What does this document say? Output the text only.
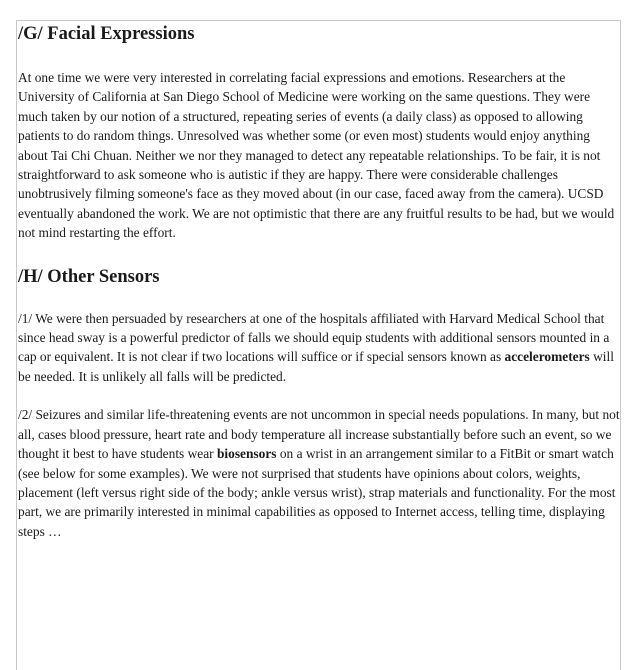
/G/ Facial Expressions

At one time we were very interested in correlating facial expressions and emotions. Researchers at the University of California at San Diego School of Medicine were working on the same questions. They were much taken by our notion of a structured, repeating series of events (a daily class) as opposed to allowing patients to do random things. Unresolved was whether some (or even most) students would enjoy anything about Tai Chi Chuan. Neither we nor they managed to detect any repeatable relationships. To be fair, it is not straightforward to ask someone who is autistic if they are happy. There were considerable challenges unobtrusively filming someone's face as they moved about (in our case, faced away from the camera). UCSD eventually abandoned the work. We are not optimistic that there are any fruitful results to be had, but we would not mind restarting the effort.

/H/ Other Sensors

/1/ We were then persuaded by researchers at one of the hospitals affiliated with Harvard Medical School that since head sway is a powerful predictor of falls we should equip students with additional sensors mounted in a cap or equivalent. It is not clear if two locations will suffice or if special sensors known as accelerometers will be needed. It is unlikely all falls will be predicted.

/2/ Seizures and similar life-threatening events are not uncommon in special needs populations. In many, but not all, cases blood pressure, heart rate and body temperature all increase substantially before such an event, so we thought it best to have students wear biosensors on a wrist in an arrangement similar to a FitBit or smart watch (see below for some examples). We were not surprised that students have opinions about colors, weights, placement (left versus right side of the body; ankle versus wrist), strap materials and functionality. For the most part, we are primarily interested in minimal capabilities as opposed to Internet access, telling time, displaying steps …
